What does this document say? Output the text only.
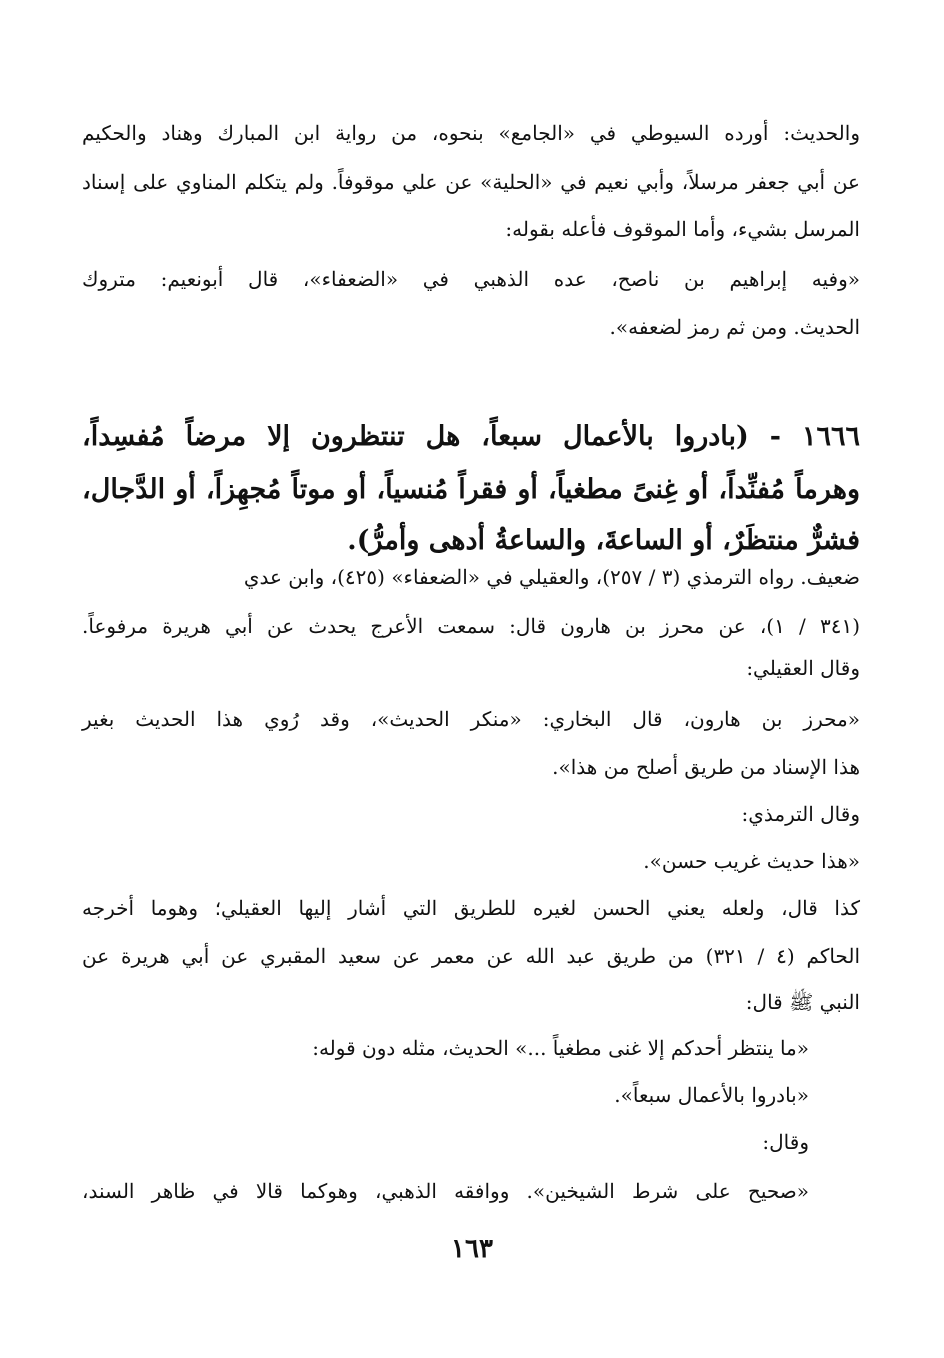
والحديث: أورده السيوطي في «الجامع» بنحوه، من رواية ابن المبارك وهناد والحكيم

عن أبي جعفر مرسلاً، وأبي نعيم في «الحلية» عن علي موقوفاً. ولم يتكلم المناوي على إسناد

المرسل بشيء، وأما الموقوف فأعله بقوله:

«وفيه إبراهيم بن ناصح، عده الذهبي في «الضعفاء»، قال أبونعيم: متروك

الحديث. ومن ثم رمز لضعفه».

١٦٦٦ - (بادروا بالأعمال سبعاً، هل تنتظرون إلا مرضاً مُفسِداً،

وهرماً مُفنِّداً، أو غِنىً مطغياً، أو فقراً مُنسياً، أو موتاً مُجهِزاً، أو الدَّجال،

فشرٌّ منتظَرٌ، أو الساعةَ، والساعةُ أدهى وأمرُّ).

ضعيف. رواه الترمذي (٣ / ٢٥٧)، والعقيلي في «الضعفاء» (٤٢٥)، وابن عدي

(٣٤١ / ١)، عن محرز بن هارون قال: سمعت الأعرج يحدث عن أبي هريرة مرفوعاً.

وقال العقيلي:

«محرز بن هارون، قال البخاري: «منكر الحديث»، وقد رُوي هذا الحديث بغير

هذا الإسناد من طريق أصلح من هذا».

وقال الترمذي:

«هذا حديث غريب حسن».

كذا قال، ولعله يعني الحسن لغيره للطريق التي أشار إليها العقيلي؛ وهوما أخرجه

الحاكم (٤ / ٣٢١) من طريق عبد الله عن معمر عن سعيد المقبري عن أبي هريرة عن

النبي ﷺ قال:

«ما ينتظر أحدكم إلا غنى مطغياً ...» الحديث، مثله دون قوله:

«بادروا بالأعمال سبعاً».

وقال:

«صحيح على شرط الشيخين». ووافقه الذهبي، وهوكما قالا في ظاهر السند،

١٦٣
